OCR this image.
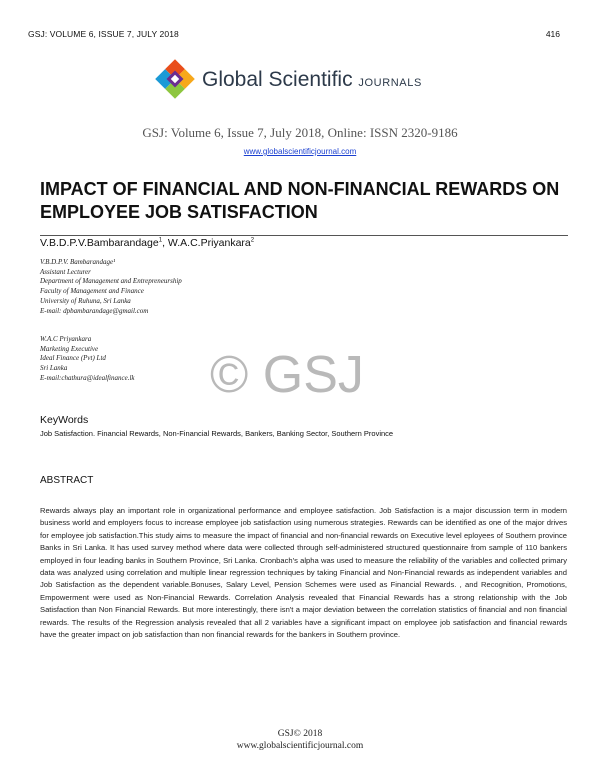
GSJ: VOLUME 6, ISSUE 7, JULY 2018	416
Global Scientific JOURNALS
GSJ: Volume 6, Issue 7, July 2018, Online: ISSN 2320-9186
www.globalscientificjournal.com
IMPACT OF FINANCIAL AND NON-FINANCIAL REWARDS ON EMPLOYEE JOB SATISFACTION
V.B.D.P.V.Bambarandage$^1$, W.A.C.Priyankara$^2$
V.B.D.P.V. Bambarandage¹
Assistant Lecturer
Department of Management and Entrepreneurship
Faculty of Management and Finance
University of Ruhuna, Sri Lanka
E-mail: dpbambarandage@gmail.com
W.A.C Priyankara
Marketing Executive
Ideal Finance (Pvt) Ltd
Sri Lanka
E-mail:chathura@idealfinance.lk © GSJ
KeyWords
Job Satisfaction. Financial Rewards, Non-Financial Rewards, Bankers, Banking Sector, Southern Province
ABSTRACT
Rewards always play an important role in organizational performance and employee satisfaction. Job Satisfaction is a major discussion term in modern business world and employers focus to increase employee job satisfaction using numerous strategies. Rewards can be identified as one of the major drives for employee job satisfaction.This study aims to measure the impact of financial and non-financial rewards on Executive level eployees of Southern province Banks in Sri Lanka. It has used survey method where data were collected through self-administered structured questionnaire from sample of 110 bankers employed in four leading banks in Southern Province, Sri Lanka. Cronbach's alpha was used to measure the reliability of the variables and collected primary data was analyzed using correlation and multiple linear regression techniques by taking Financial and Non-Financial rewards as independent variables and Job Satisfaction as the dependent variable.Bonuses, Salary Level, Pension Schemes were used as Financial Rewards. , and Recognition, Promotions, Empowerment were used as Non-Financial Rewards. Correlation Analysis revealed that Financial Rewards has a strong relationship with the Job Satisfaction than Non Financial Rewards. But more interestingly, there isn't a major deviation between the correlation statistics of financial and non financial rewards. The results of the Regression analysis revealed that all 2 variables have a significant impact on employee job satisfaction and financial rewards have the greater impact on job satisfaction than non financial rewards for the bankers in Southern province.
GSJ© 2018
www.globalscientificjournal.com
